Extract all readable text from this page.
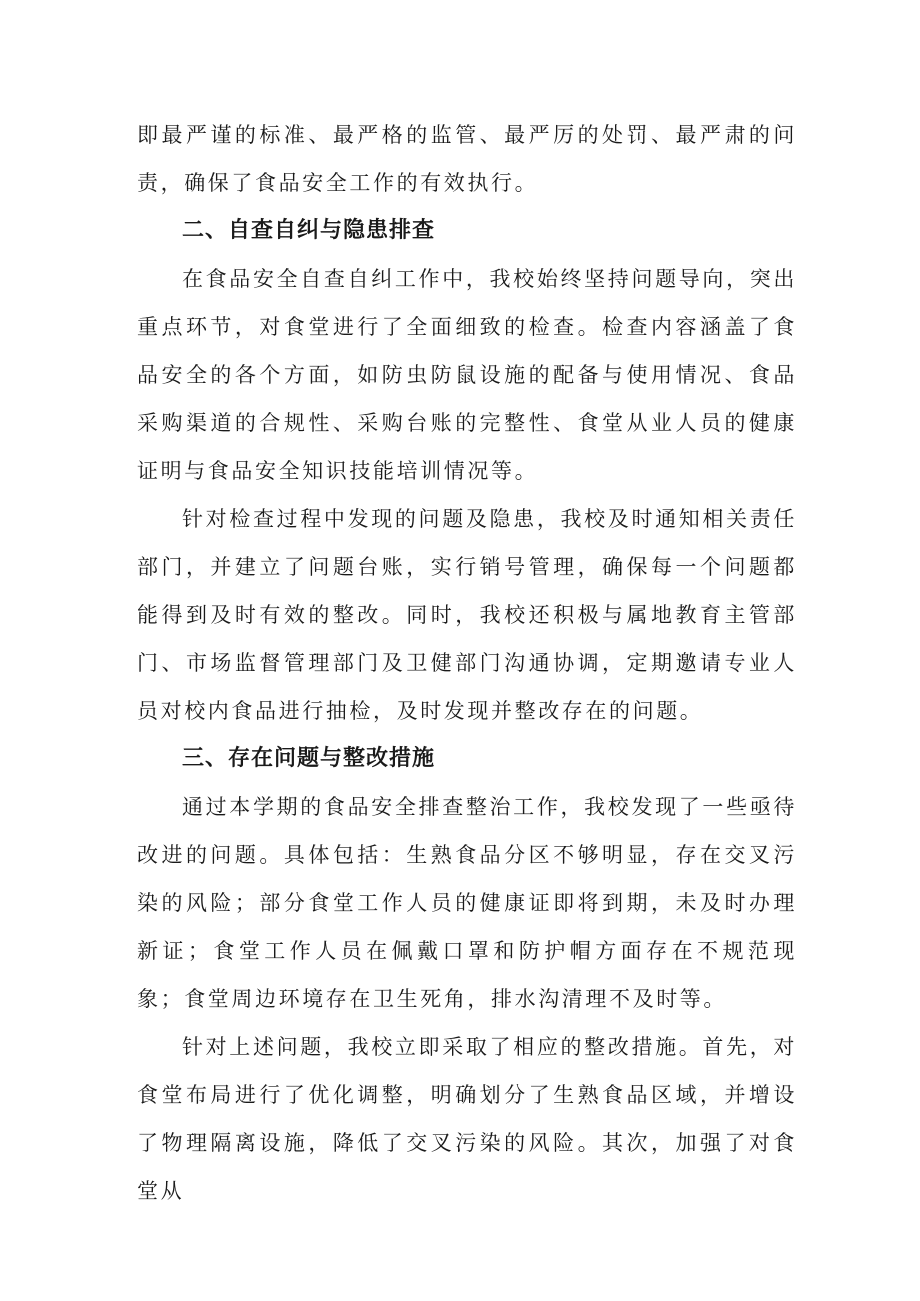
即最严谨的标准、最严格的监管、最严厉的处罚、最严肃的问责，确保了食品安全工作的有效执行。

二、自查自纠与隐患排查

在食品安全自查自纠工作中，我校始终坚持问题导向，突出重点环节，对食堂进行了全面细致的检查。检查内容涵盖了食品安全的各个方面，如防虫防鼠设施的配备与使用情况、食品采购渠道的合规性、采购台账的完整性、食堂从业人员的健康证明与食品安全知识技能培训情况等。

针对检查过程中发现的问题及隐患，我校及时通知相关责任部门，并建立了问题台账，实行销号管理，确保每一个问题都能得到及时有效的整改。同时，我校还积极与属地教育主管部门、市场监督管理部门及卫健部门沟通协调，定期邀请专业人员对校内食品进行抽检，及时发现并整改存在的问题。

三、存在问题与整改措施

通过本学期的食品安全排查整治工作，我校发现了一些亟待改进的问题。具体包括：生熟食品分区不够明显，存在交叉污染的风险；部分食堂工作人员的健康证即将到期，未及时办理新证；食堂工作人员在佩戴口罩和防护帽方面存在不规范现象；食堂周边环境存在卫生死角，排水沟清理不及时等。

针对上述问题，我校立即采取了相应的整改措施。首先，对食堂布局进行了优化调整，明确划分了生熟食品区域，并增设了物理隔离设施，降低了交叉污染的风险。其次，加强了对食堂从
